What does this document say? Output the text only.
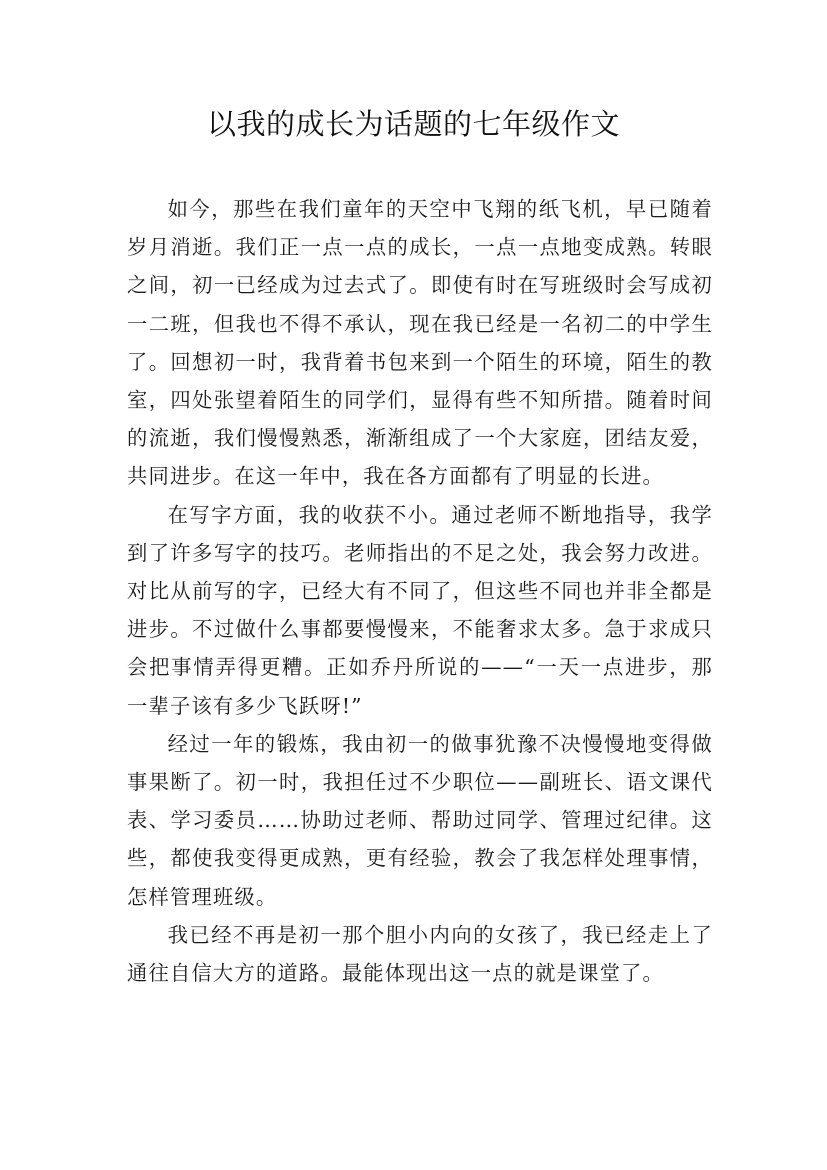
以我的成长为话题的七年级作文

如今，那些在我们童年的天空中飞翔的纸飞机，早已随着岁月消逝。我们正一点一点的成长，一点一点地变成熟。转眼之间，初一已经成为过去式了。即使有时在写班级时会写成初一二班，但我也不得不承认，现在我已经是一名初二的中学生了。回想初一时，我背着书包来到一个陌生的环境，陌生的教室，四处张望着陌生的同学们，显得有些不知所措。随着时间的流逝，我们慢慢熟悉，渐渐组成了一个大家庭，团结友爱，共同进步。在这一年中，我在各方面都有了明显的长进。

在写字方面，我的收获不小。通过老师不断地指导，我学到了许多写字的技巧。老师指出的不足之处，我会努力改进。对比从前写的字，已经大有不同了，但这些不同也并非全都是进步。不过做什么事都要慢慢来，不能奢求太多。急于求成只会把事情弄得更糟。正如乔丹所说的——“一天一点进步，那一辈子该有多少飞跃呀!”

经过一年的锻炼，我由初一的做事犹豫不决慢慢地变得做事果断了。初一时，我担任过不少职位——副班长、语文课代表、学习委员……协助过老师、帮助过同学、管理过纪律。这些，都使我变得更成熟，更有经验，教会了我怎样处理事情，怎样管理班级。

我已经不再是初一那个胆小内向的女孩了，我已经走上了通往自信大方的道路。最能体现出这一点的就是课堂了。
